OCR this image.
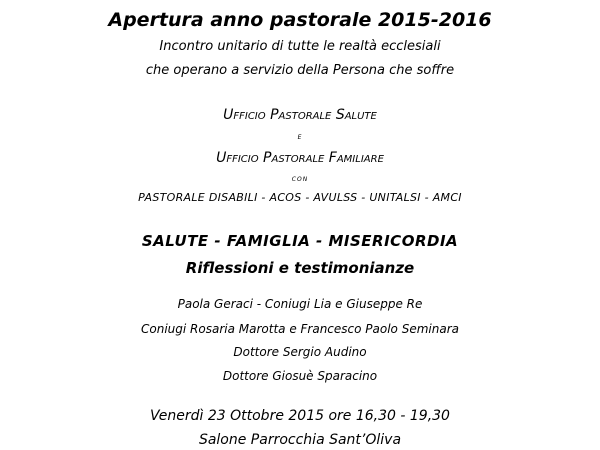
Apertura anno pastorale 2015-2016
Incontro unitario di tutte le realtà ecclesiali
che operano a servizio della Persona che soffre
Ufficio Pastorale Salute
e
Ufficio Pastorale Familiare
con
PASTORALE DISABILI - ACOS - AVULSS - UNITALSI - AMCI
SALUTE - FAMIGLIA - MISERICORDIA
Riflessioni e testimonianze
Paola Geraci - Coniugi Lia e Giuseppe Re
Coniugi Rosaria Marotta e Francesco Paolo Seminara
Dottore Sergio Audino
Dottore Giosuè Sparacino
Venerdì 23 Ottobre 2015 ore 16,30 - 19,30
Salone Parrocchia Sant’Oliva
